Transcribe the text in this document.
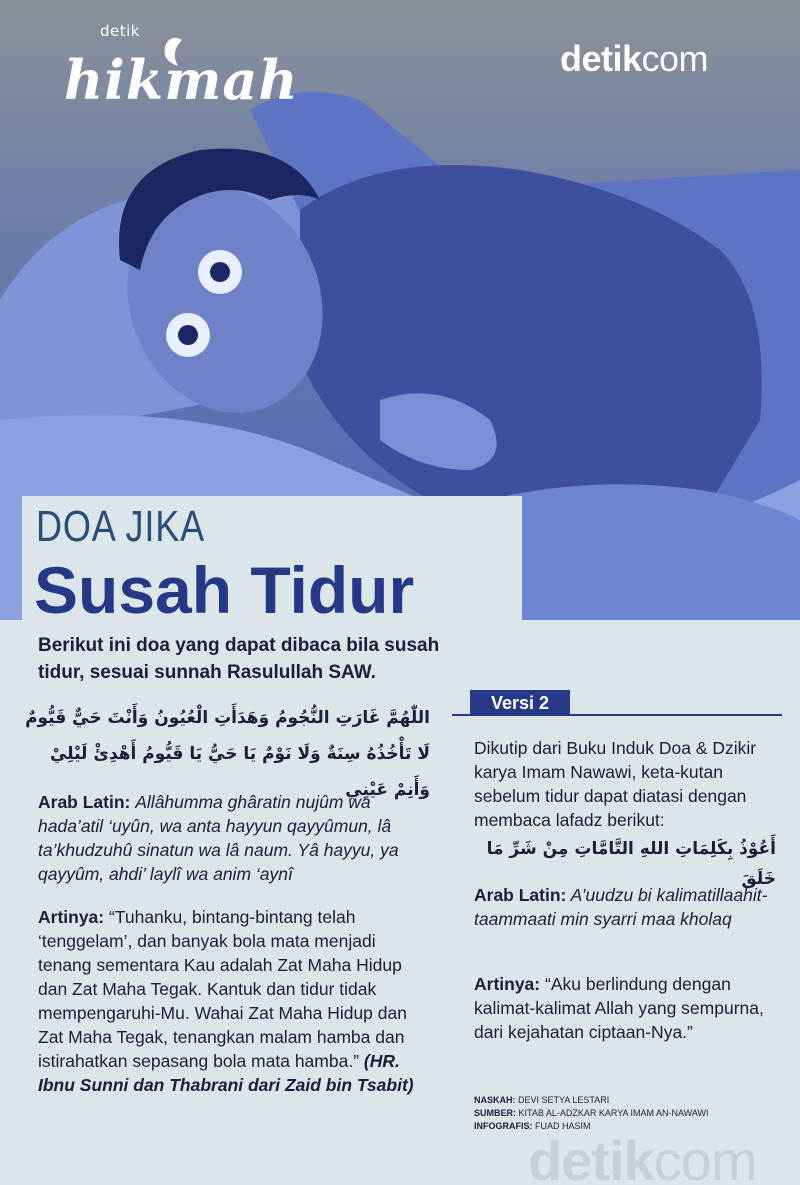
detik
hikmah	detikcom
DOA JIKA
Susah Tidur
Berikut ini doa yang dapat dibaca bila susah tidur, sesuai sunnah Rasulullah SAW.
اللّٰهُمَّ غَارَتِ النُّجُومُ وَهَدَأَتِ الْعُيُونُ وَأَنْتَ حَيٌّ قَيُّومٌ
لَا تَأْخُذُهُ سِنَةٌ وَلَا نَوْمٌ يَا حَيُّ يَا قَيُّومُ أَهْدِئْ لَيْلِيْ وَأَنِمْ عَيْنِي
Arab Latin: Allâhumma ghâratin nujûm wa hada’atil ‘uyûn, wa anta hayyun qayyûmun, lâ ta’khudzuhû sinatun wa lâ naum. Yâ hayyu, ya qayyûm, ahdi’ laylî wa anim ‘aynî
Artinya: “Tuhanku, bintang-bintang telah ‘tenggelam’, dan banyak bola mata menjadi tenang sementara Kau adalah Zat Maha Hidup dan Zat Maha Tegak. Kantuk dan tidur tidak mempengaruhi-Mu. Wahai Zat Maha Hidup dan Zat Maha Tegak, tenangkan malam hamba dan istirahatkan sepasang bola mata hamba.” (HR. Ibnu Sunni dan Thabrani dari Zaid bin Tsabit)
Versi 2
Dikutip dari Buku Induk Doa & Dzikir karya Imam Nawawi, keta-kutan sebelum tidur dapat diatasi dengan membaca lafadz berikut:
أَعُوْذُ بِكَلِمَاتِ اللهِ التَّامَّاتِ مِنْ شَرِّ مَا خَلَقَ
Arab Latin: A’uudzu bi kalimatillaahit-taammaati min syarri maa kholaq
Artinya: “Aku berlindung dengan kalimat-kalimat Allah yang sempurna, dari kejahatan ciptaan-Nya.”
NASKAH: DEVI SETYA LESTARI
SUMBER: KITAB AL-ADZKAR KARYA IMAM AN-NAWAWI
INFOGRAFIS: FUAD HASIM
detikcom
